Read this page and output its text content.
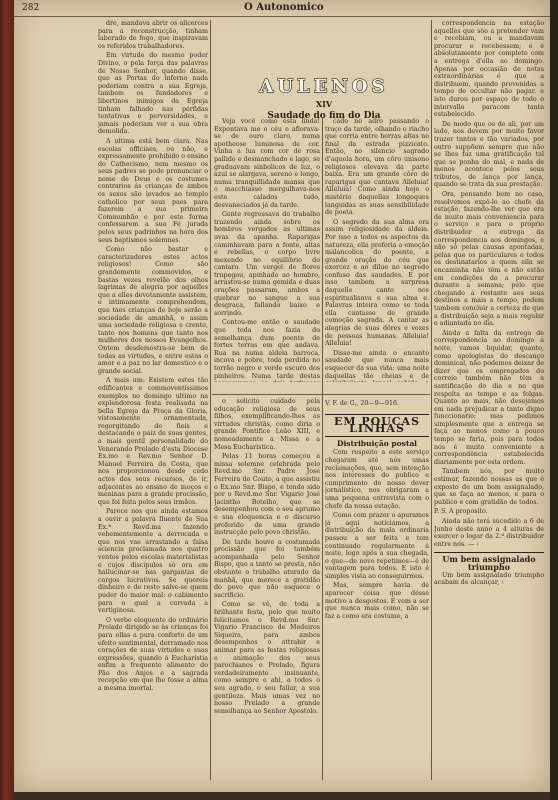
282	O Autonomico

dre, mandava abrir os alicerces para a reconstrucção, tinham laborado de fogo, que inspiravam os referidos trabalhadores.

Em virtude do mesmo poder Divino, o pela força das palavras de Nosso Senhor, quando disse, que as Portas do inferno nada poderiam contra a sua Egreja, tambem os fundadores e libertinos inimigos da Egreja tinham falhado nas pérfidas tentativas e perversidades, e jamais poderiam ver a sua obra demolida.

A ultima está bem clara. Nas escolas officiaes, ou não, e expressamente prohibido o ensino do Cathecismo, nem mesmo os seus padres se pode pronunciar o nome de Deus e os costumes contrarios ás crianças de ambos os sexos são levados ao templo catholico por seus paes para fazerem a sua primeira Communhão e por este forma confessarem a sua Fé jurada pelos seus padrinhos na hora dos seus baptismos solemnes.

Como não bastar e caracterizadores estes actos religiosos! Como são grandemente commovidos, e bastas vezes revelão dos olhos lagrimas de alegria por aquelles que a elles devotamente assistem, e intimamente comprehendem, que taes crianças de hoje serão a sociedade de amanhã, e assim uma sociedade religiosa e crente, tanto nos homens que tanto nos mulheres dos nossos Evangelhos. Ontem desdemostra-se bem de todas as virtudes, e entre estas o amor e a paz no lar domestico e o grande social.

A mais um: Existem estes tão edificantes e commoventíssimos exemplos no domingo ultimo na explendorosa festa realisada na bella Egreja da Praça da Gloria, vistosamente ornamentada, regorgitando de fieis e destacando o paiz de suas gentes, a mais gentil personalidade do Venerando Prelado d'esta Diocese Ex.mo e Rev.mo Senhor D. Manuel Ferreira da Costa, que nos proporcionou desde cedo actos dos seus recursos, de ir, adjacentes ao ensino de moços e meninas para a grande procissão, que foi feita pelos seus irmãos.

Parece nos que ainda estamos a ouvir a palavra fluente de Sua Ex.ª Revd.ma fazendo vehementemente a derrocada e que nos vae arrastando a falsa sciencia proclamada nos quatro ventos pelos escolas materialistas e cujos discipulos só ora em hallucinar-se nas gargantas de cargos lucrativos. Se quereis dinheiro e de resto salve-se quem puder do maior mal: o cabimento para o qual a curvada a vertiginosa.

O verbo eloquente do ordinário Prelado dirigido se às crianças foi para ellas a pura conforto de um efeito sentimental, derramado nos corações de suas virtudes e suas expressões, quando á Eucharistia enfim a frequente alimento do Pão dos Anjos e a sagrada recepção em que lhe fosse a alma a mesma imortal.

AULENOS
XIV
Saudade do fim do Dia

Veja você como ésta linda! Expontava me o céu e aflorava-se de ouro claro, numa apotheose luminosa de cor. Vinha a lua com cor de rosa pallido e desmanchado e lago, se graduavam sinbolicos de luz, o azul se alargava, sereno e longo, numa tranquillidade mansa que o macchiasso mergulhava-nos este calados tudo, desvaneciados já da tarde.

Gente regressava do trabalho trazendo ainda sobre os hombros vergados as ultimas uvas da apanha. Raparigas caminhavam para a fonte, altas e rebellas, o corpo livre mexendo no equilibrio do cantaro. Um vergel de flores trupegou, apinhado ao hombro, arrastou-se numa gemida e duas orações passaram, ambos a quebrar no sangue a sua desgraça, fallando baixo e sorrindo.

Contou-me então o saudade que toda nos fazia do semelhança dum poente de fortes terras em que andava. Rua na numa aldeia barroca, incova e pobre, toda perdida no torrão negro e verde escuro dos pinheiros. Numa tarde destas

cado no adro passando o traço da tarde, olhando o riacho que corria entre herras altas no final da estrada pizzicato. Então, no silencio sagrado d'aquela hora, um côro unisono religiosos elevava da parte baixa. Era um grande côro de raparigas que cantava Alleluia! Alleluia! Como ainda hoje o mistério daquellas longoques languidas as suas sensibilidade de poeta.

O segredo da sua alma era assim religiosidade da aldeia. Por isso a todos os aspectos da natureza, ella preferia a emoção malancolica do poente, a grande oração do céu que exorcez e ao dilue no segredo confuso das saudades. E por isso tambem a surpresa daquelle canto nos espiritualisava e sua alma e. Palavras inteira como se toda ella cantasse de grande comoção sagrada. A cantar as alegrias de suas dôres e vozes de pessoas humanas. Alleluia! Alleluia!

Disse-me ainda o encanto saudade que nunca mais esquecer da sua vida: uma noite daquellas tão cheias e de

o solicito cuidado pela educação religiosa de seus filhos, exemplificando-lhes as virtudes christãs, como diria o grande Pontifice Leão XIII, e nomeadamente a Missa e a Mesa Eucharistica.

Pelas 11 horas começou a missa solemne celebrada pelo Revd.mo Snr. Padre José Ferreira do Couto, a que assistiu o Ex.mo Snr. Bispo, e tendo sido por o Revd.mo Snr. Vigario José Jacintho Botelho, que se desempenhou com o seu aprumo e sua eloquencia e o discurso proferido de uma grande instrucção pelo povo christão.

De tarde houve a costumada procissão que foi também acompanhada pelo Senhor Bispo, que a tanto se presta, não obstante o trabalho aturado da manhã, que merece a gratidão do povo que não esquece o sacrificio.

Como se vê, de toda a brilhante festa, pelo que muito felicitamos o Revd.mo Snr. Vigario Francisco de Medeiros Siqueira, para ambos desempenhos o attrahir e animar para as festas religiosas e animação dos seus parochianos o Prelado, figura verdadeiramente insinuante, como sempre e ahi, a todos o seu agrado, o seu fallar, a sua gentileza. Mais umas vez no nosso Prelado a grande semelhança ao Senhor Apostolo.

V. F. de G., 20—9—916.
EM POUCAS LINHAS
Distribuição postal

Com respeito a este serviço chegaram até nós umas reclamações, que, sem intenção nos interesses do publico e cumprimento do nosso dever jornalístico, nos obrigaram a uma pequena entrevista com o chefe da nossa estação.

Como com prazer o apuramos já aqui noticiámos, a distribuição da mala ordinaria passou a ser feita e tem continuado regularmente á noite, logo após a sua chegada, o que—de novo repetimos—é de vantagem para todos. E isto é simples vista ao conseguirmos.

Mas, sempre havia de aparecer coisa que désse motivo a desgostos. E vem a ser que nunca mais como, não se faz a como era costume, a

correspondencia na estação aquelles que sôo a pretender vam e recebiam, ou a mandavam procurar e recebessem; e é absolutamente por completo com a entrega d'ella ao domingo. Apenas por occasião de notas extraordinárias é que a distribuem, quando prevenidas a tempo de occultar não pagar, e isto durou por espaço de todo o intervallo paracom tanta estabelecido.

De modo que os de ali, por um lado, nos devem por muito favor trazer tantos e tão variados, por outro suppõem sempre que não se lhes faz uma gratificação tal que se ponha do mal, e nada de menos acontece pelos seus tributos, de lança por lança, quando se trata da sua prestação.

Ora, pensando bem no caso, resolvemos expô-lo ao chefe da estação, fazendo-lhe ver que era de muito mais conveniencia para o serviço e para o proprio distribuidor a entrega da correspondencia aos domingos, e não só pelas causas apontadas, pelas que os particulares e todos os destinatarios a quem ella se encaminha não têm e não estão em condições de a procurar durante a semana; pelo que chegando a restante aos seus destinos a mais a tempo, podem tambem concluir a certeza de que a distribuição seja a mais regular e adiantada no dia.

Ainda a falta da entrega de correspondencia ao domingo á noite, vamos liquidar, quanto, como apologistas do descanço dominical, não podemos deixar de dizer que os empregados do correio também não têm a santificação do dia e no que respeita ao tempo e as folgas. Quanto ao mais, não desejámos em nada prejudicar a tanto digno funccionario; mas pedimos simplesmente que a entrega se faça ao menos como a pouco tempo se faria, pois para todos nós é muito conveniente a correspondência estabelecida diariamente por esta ordem.

Tambem nós, por muito estimar, fazendo nossas as que é exposto de um bom assignalado, que se faça ao menos, e para o publico e com gratidão de todos.

P. S. A proposito.

Ainda não terá sucedido a 6 de Junho deste anno a 4 alturas de exercer o logar da 2.ª distribuidor entre nós. — ‹

Um bem assignalado triumpho

Um bem assignalado triumpho acabam de alcançar, ‹
